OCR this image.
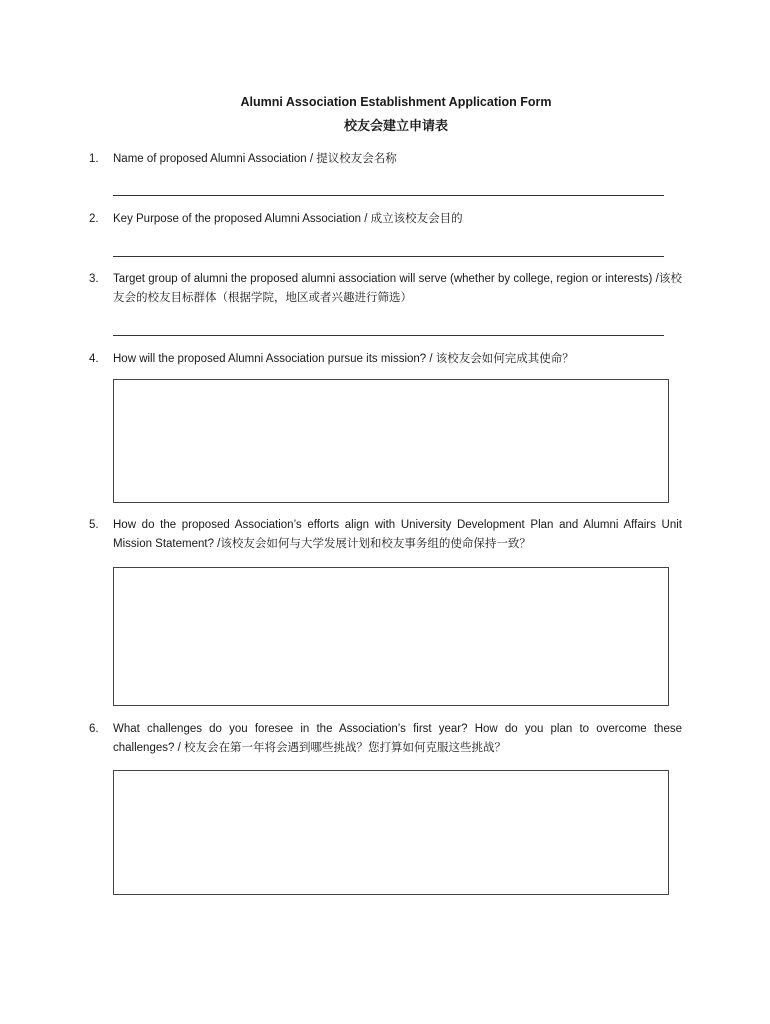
Alumni Association Establishment Application Form
校友会建立申请表
1.	Name of proposed Alumni Association / 提议校友会名称
2.	Key Purpose of the proposed Alumni Association / 成立该校友会目的
3.	Target group of alumni the proposed alumni association will serve (whether by college, region or interests) /该校友会的校友目标群体（根据学院，地区或者兴趣进行筛选）
4.	How will the proposed Alumni Association pursue its mission? / 该校友会如何完成其使命？
5.	How do the proposed Association’s efforts align with University Development Plan and Alumni Affairs Unit Mission Statement? /该校友会如何与大学发展计划和校友事务组的使命保持一致？
6.	What challenges do you foresee in the Association’s first year? How do you plan to overcome these challenges? / 校友会在第一年将会遇到哪些挑战？您打算如何克服这些挑战？
